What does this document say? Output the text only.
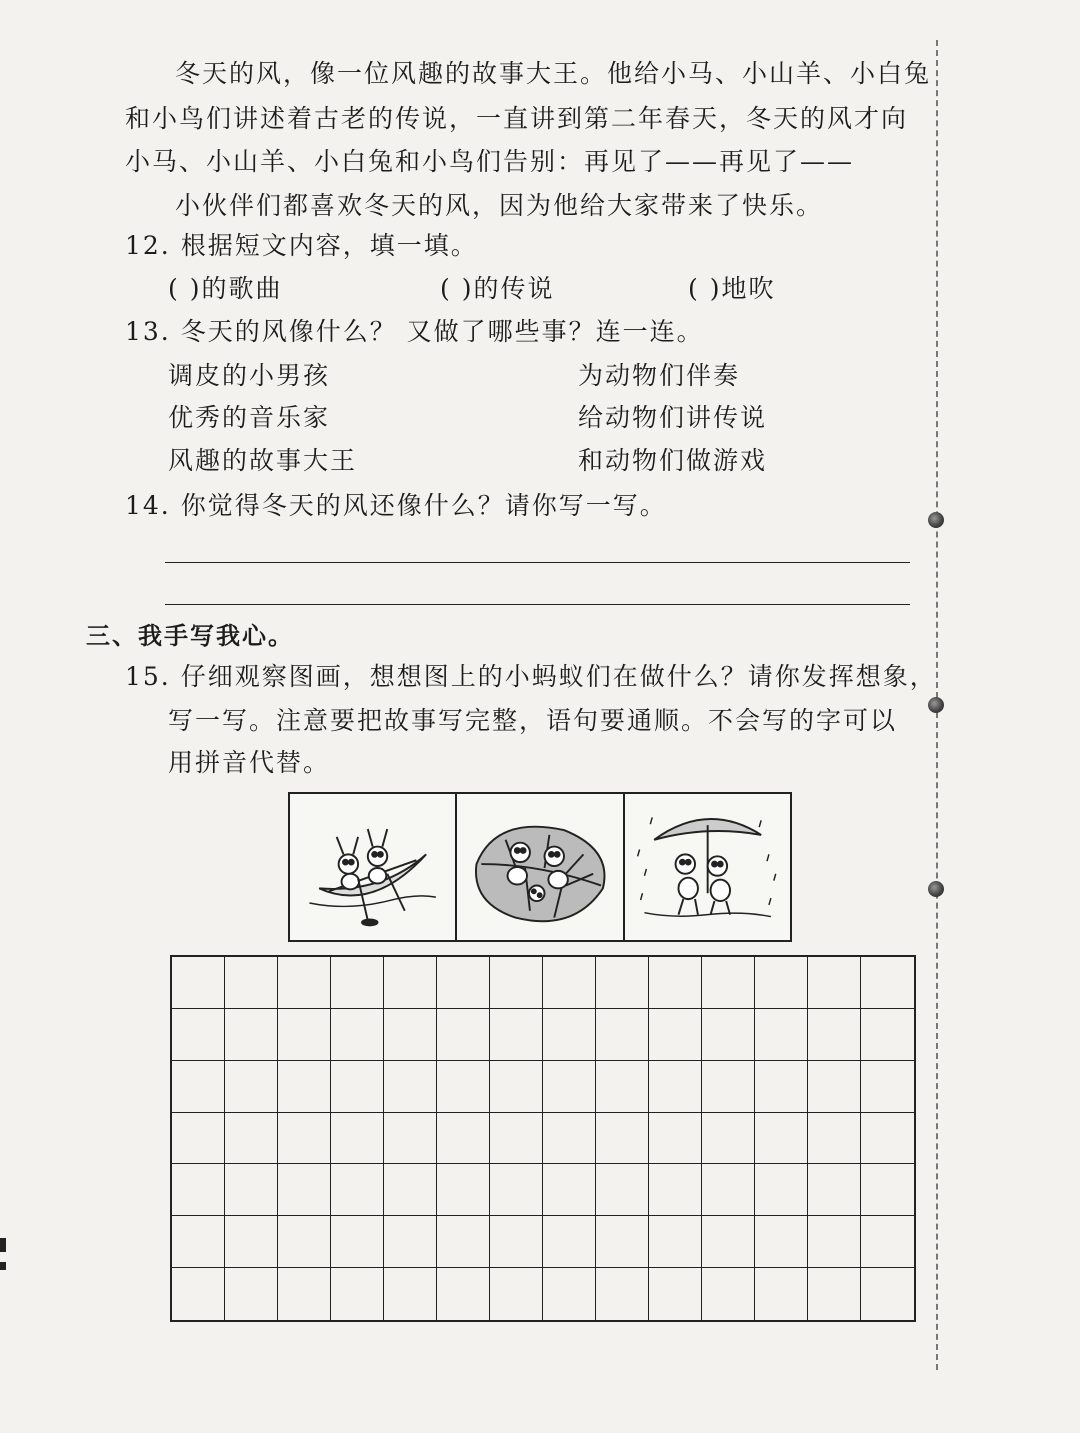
冬天的风，像一位风趣的故事大王。他给小马、小山羊、小白兔
和小鸟们讲述着古老的传说，一直讲到第二年春天，冬天的风才向
小马、小山羊、小白兔和小鸟们告别：再见了——再见了——
小伙伴们都喜欢冬天的风，因为他给大家带来了快乐。
12. 根据短文内容，填一填。
( )的歌曲	( )的传说	( )地吹
13. 冬天的风像什么？ 又做了哪些事？连一连。
调皮的小男孩
优秀的音乐家
风趣的故事大王
为动物们伴奏
给动物们讲传说
和动物们做游戏
14. 你觉得冬天的风还像什么？请你写一写。
三、我手写我心。
15. 仔细观察图画，想想图上的小蚂蚁们在做什么？请你发挥想象，
写一写。注意要把故事写完整，语句要通顺。不会写的字可以
用拼音代替。
